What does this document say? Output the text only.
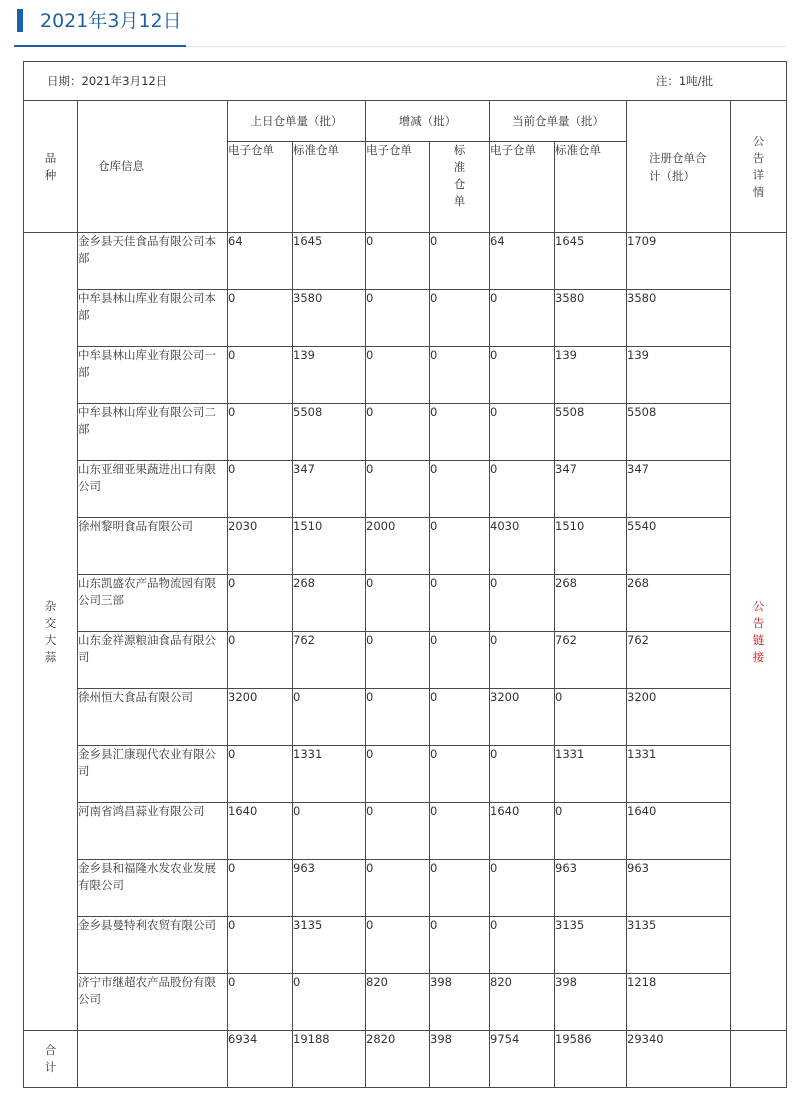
2021年3月12日
日期：2021年3月12日 注：1吨/批									

品种	仓库信息	上日仓单量（批）		增减（批）		当前仓单量（批）		注册仓单合计（批）	公告详情

		电子仓单	标准仓单	电子仓单	标准仓单	电子仓单	标准仓单		

杂交大蒜	金乡县天佳食品有限公司本部	64	1645	0	0	64	1645	1709	公告链接

	中牟县林山库业有限公司本部	0	3580	0	0	0	3580	3580	
	中牟县林山库业有限公司一部	0	139	0	0	0	139	139	
	中牟县林山库业有限公司二部	0	5508	0	0	0	5508	5508	
	山东亚细亚果蔬进出口有限公司	0	347	0	0	0	347	347	
	徐州黎明食品有限公司	2030	1510	2000	0	4030	1510	5540	
	山东凯盛农产品物流园有限公司三部	0	268	0	0	0	268	268	
	山东金祥源粮油食品有限公司	0	762	0	0	0	762	762	
	徐州恒大食品有限公司	3200	0	0	0	3200	0	3200	
	金乡县汇康现代农业有限公司	0	1331	0	0	0	1331	1331	
	河南省鸿昌蒜业有限公司	1640	0	0	0	1640	0	1640	
	金乡县和福隆水发农业发展有限公司	0	963	0	0	0	963	963	
	金乡县曼特利农贸有限公司	0	3135	0	0	0	3135	3135	
	济宁市继超农产品股份有限公司	0	0	820	398	820	398	1218	

合计		6934	19188	2820	398	9754	19586	29340	
